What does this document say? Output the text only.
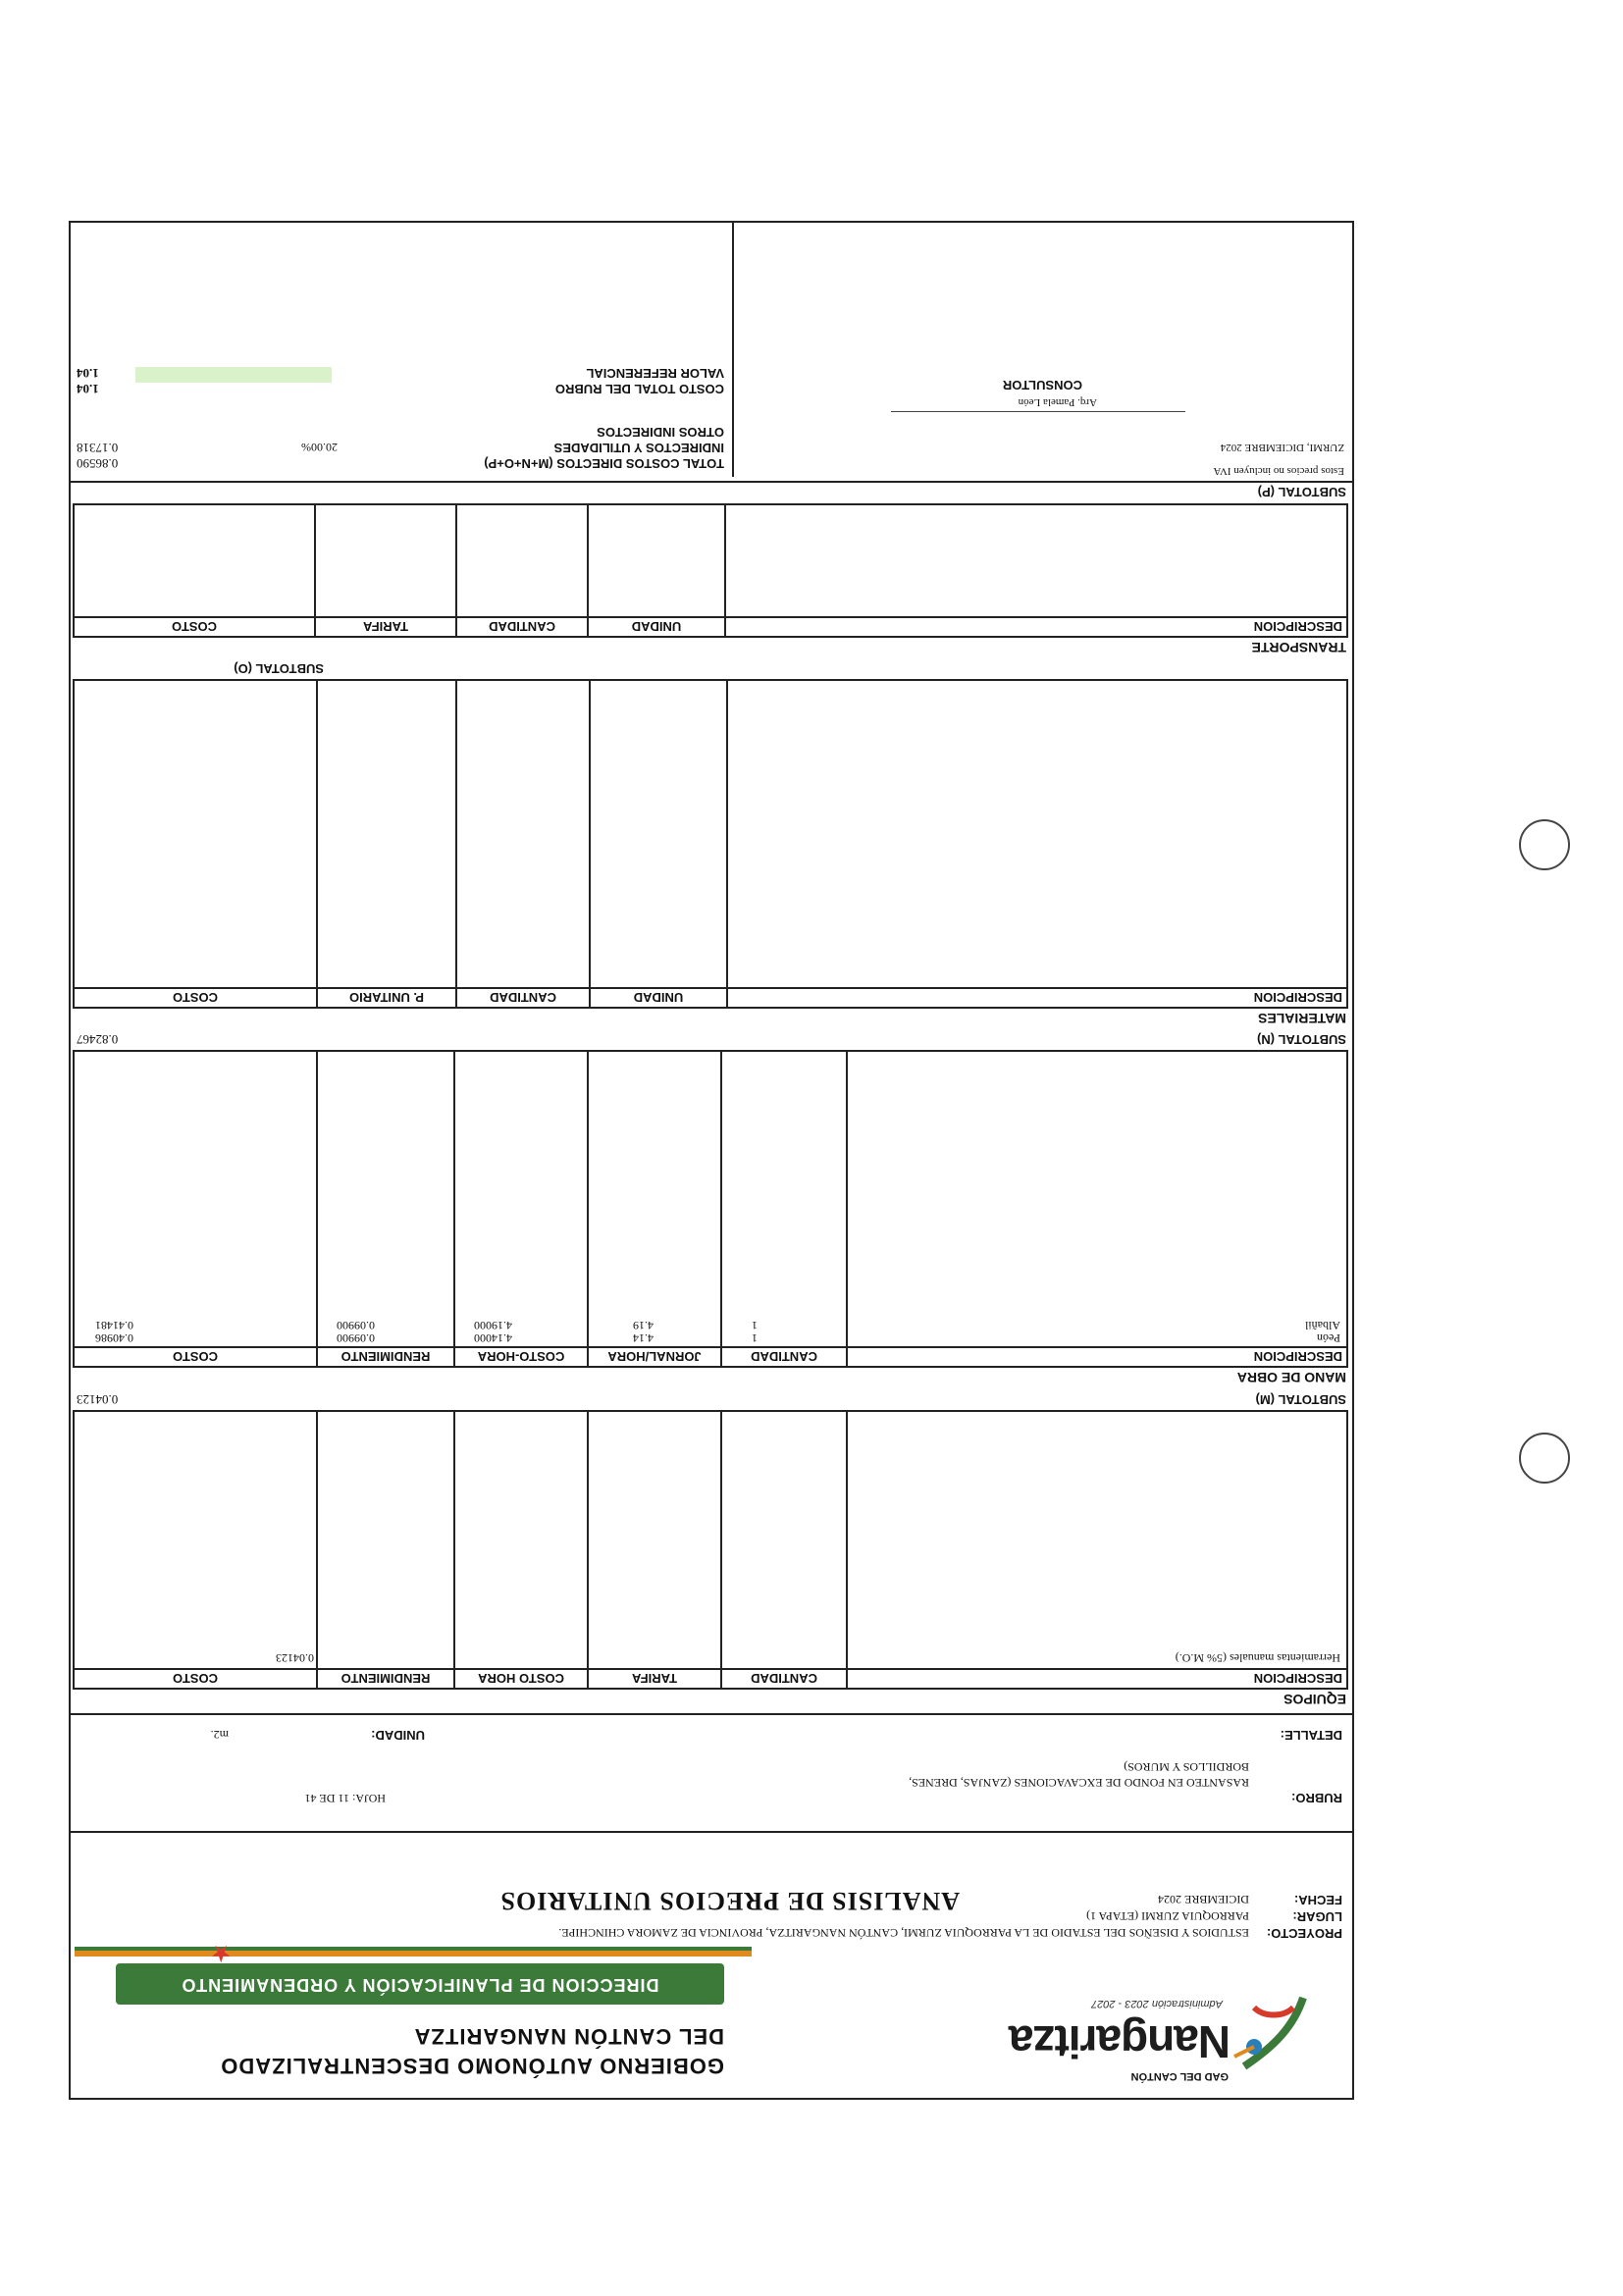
GAD DEL CANTÓN
Nangaritza
Administración 2023 - 2027
GOBIERNO AUTÓNOMO DESCENTRALIZADO
DEL CANTÓN NANGARITZA
DIRECCION DE PLANIFICACIÓN Y ORDENAMIENTO
★
PROYECTO:
ESTUDIOS Y DISEÑOS DEL ESTADIO DE LA PARROQUIA ZURMI, CANTÓN NANGARITZA, PROVINCIA DE ZAMORA CHINCHIPE.
LUGAR:
PARROQUIA ZURMI (ETAPA 1)
FECHA:
DICIEMBRE 2024
ANALISIS DE PRECIOS UNITARIOS
HOJA: 11 DE 41	RUBRO:
RASANTEO EN FONDO DE EXCAVACIONES (ZANJAS, DRENES,
BORDILLOS Y MUROS)
DETALLE:
UNIDAD:
m2.
EQUIPOS
DESCRIPCION
CANTIDAD
TARIFA
COSTO HORA
RENDIMIENTO
COSTO
Herramientas manuales (5% M.O.)
0.04123
SUBTOTAL (M)
0.04123
MANO DE OBRA
DESCRIPCION
CANTIDAD
JORNAL/HORA
COSTO-HORA
RENDIMIENTO
COSTO
Peón
1
4.14
4.14000
0.09900
0.40986
Albañil
1
4.19
4.19000
0.09900
0.41481
SUBTOTAL (N)
0.82467
MATERIALES
DESCRIPCION
UNIDAD
CANTIDAD
P. UNITARIO
COSTO
SUBTOTAL (O)
TRANSPORTE
DESCRIPCION
UNIDAD
CANTIDAD
TARIFA
COSTO
SUBTOTAL (P)
Estos precios no incluyen IVA
ZURMI, DICIEMBRE 2024
TOTAL COSTOS DIRECTOS (M+N+O+P)
0.86590
INDIRECTOS Y UTILIDADES
20.00%
0.17318
OTROS INDIRECTOS
Arq. Pamela León
CONSULTOR
COSTO TOTAL DEL RUBRO
1.04
VALOR REFERENCIAL
1.04
